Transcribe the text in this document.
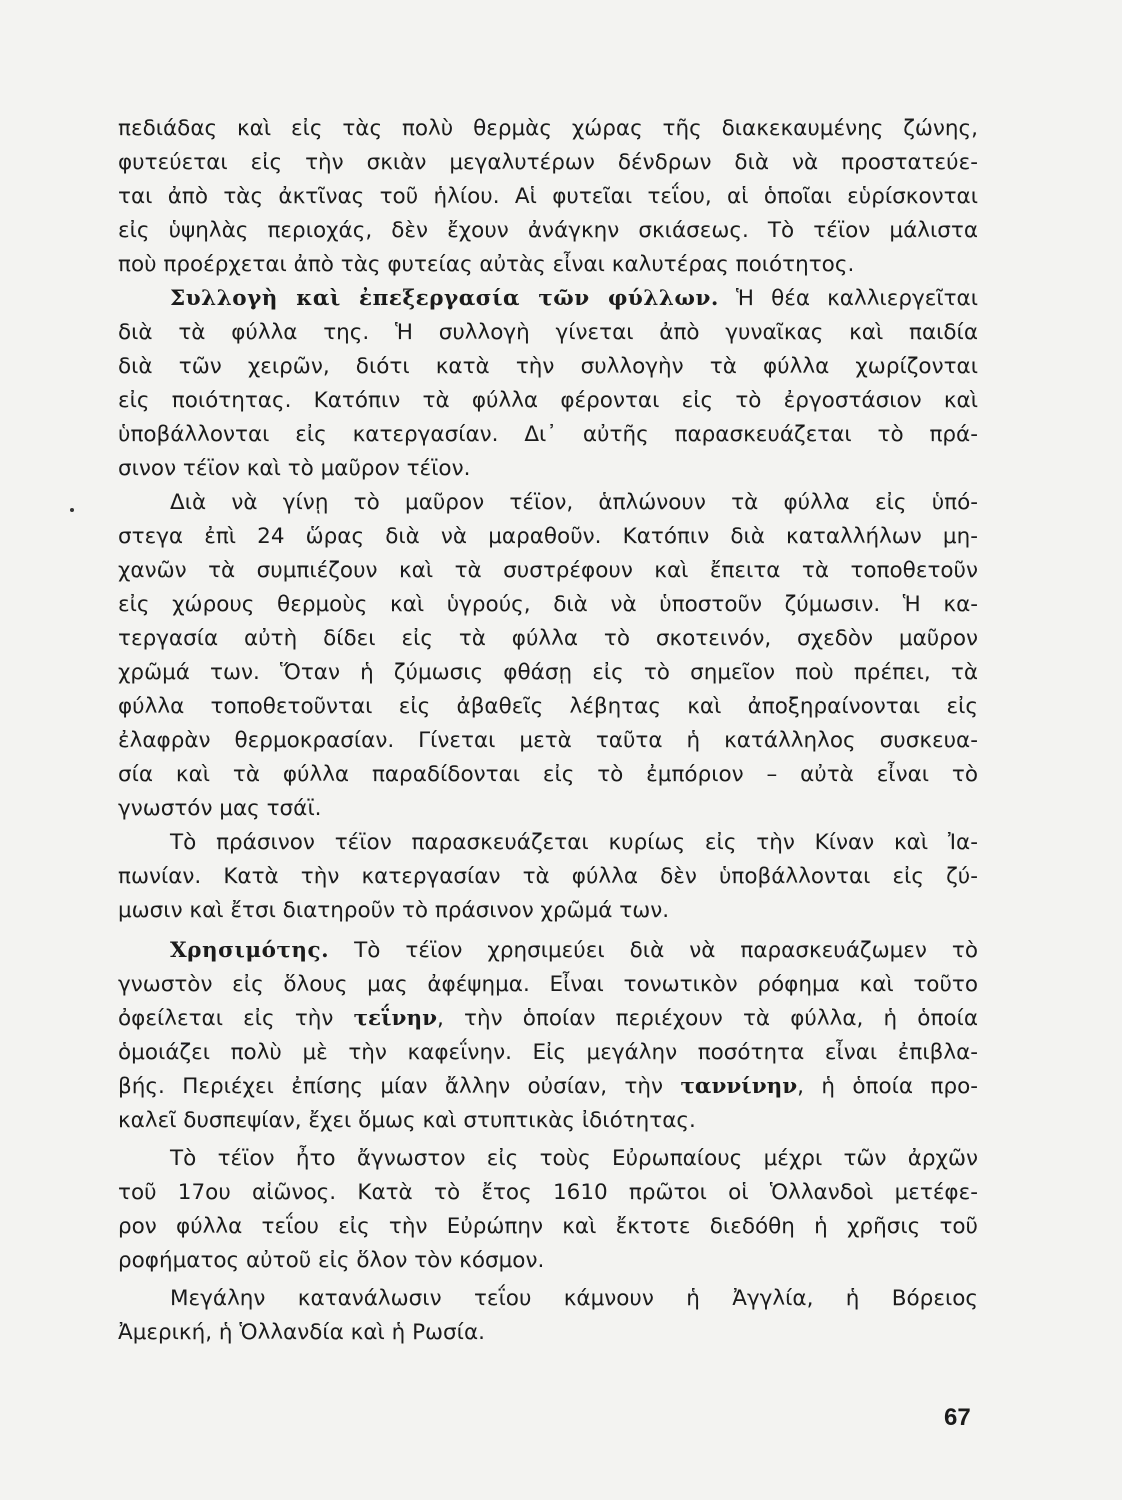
πεδιάδας καὶ εἰς τὰς πολὺ θερμὰς χώρας τῆς διακεκαυμένης ζώνης,
φυτεύεται εἰς τὴν σκιὰν μεγαλυτέρων δένδρων διὰ νὰ προστατεύε-
ται ἀπὸ τὰς ἀκτῖνας τοῦ ἡλίου. Αἱ φυτεῖαι τεΐου, αἱ ὁποῖαι εὑρίσκονται
εἰς ὑψηλὰς περιοχάς, δὲν ἔχουν ἀνάγκην σκιάσεως. Τὸ τέϊον μάλιστα
ποὺ προέρχεται ἀπὸ τὰς φυτείας αὐτὰς εἶναι καλυτέρας ποιότητος.
Συλλογὴ καὶ ἐπεξεργασία τῶν φύλλων. Ἡ θέα καλλιεργεῖται
διὰ τὰ φύλλα της. Ἡ συλλογὴ γίνεται ἀπὸ γυναῖκας καὶ παιδία
διὰ τῶν χειρῶν, διότι κατὰ τὴν συλλογὴν τὰ φύλλα χωρίζονται
εἰς ποιότητας. Κατόπιν τὰ φύλλα φέρονται εἰς τὸ ἐργοστάσιον καὶ
ὑποβάλλονται εἰς κατεργασίαν. Δι᾽ αὐτῆς παρασκευάζεται τὸ πρά-
σινον τέϊον καὶ τὸ μαῦρον τέϊον.
Διὰ νὰ γίνῃ τὸ μαῦρον τέϊον, ἁπλώνουν τὰ φύλλα εἰς ὑπό-
στεγα ἐπὶ 24 ὥρας διὰ νὰ μαραθοῦν. Κατόπιν διὰ καταλλήλων μη-
χανῶν τὰ συμπιέζουν καὶ τὰ συστρέφουν καὶ ἔπειτα τὰ τοποθετοῦν
εἰς χώρους θερμοὺς καὶ ὑγρούς, διὰ νὰ ὑποστοῦν ζύμωσιν. Ἡ κα-
τεργασία αὐτὴ δίδει εἰς τὰ φύλλα τὸ σκοτεινόν, σχεδὸν μαῦρον
χρῶμά των. Ὅταν ἡ ζύμωσις φθάσῃ εἰς τὸ σημεῖον ποὺ πρέπει, τὰ
φύλλα τοποθετοῦνται εἰς ἀβαθεῖς λέβητας καὶ ἀποξηραίνονται εἰς
ἐλαφρὰν θερμοκρασίαν. Γίνεται μετὰ ταῦτα ἡ κατάλληλος συσκευα-
σία καὶ τὰ φύλλα παραδίδονται εἰς τὸ ἐμπόριον – αὐτὰ εἶναι τὸ
γνωστόν μας τσάϊ.
Τὸ πράσινον τέϊον παρασκευάζεται κυρίως εἰς τὴν Κίναν καὶ Ἰα-
πωνίαν. Κατὰ τὴν κατεργασίαν τὰ φύλλα δὲν ὑποβάλλονται εἰς ζύ-
μωσιν καὶ ἔτσι διατηροῦν τὸ πράσινον χρῶμά των.
Χρησιμότης. Τὸ τέϊον χρησιμεύει διὰ νὰ παρασκευάζωμεν τὸ
γνωστὸν εἰς ὅλους μας ἀφέψημα. Εἶναι τονωτικὸν ρόφημα καὶ τοῦτο
ὀφείλεται εἰς τὴν τεΐνην, τὴν ὁποίαν περιέχουν τὰ φύλλα, ἡ ὁποία
ὁμοιάζει πολὺ μὲ τὴν καφεΐνην. Εἰς μεγάλην ποσότητα εἶναι ἐπιβλα-
βής. Περιέχει ἐπίσης μίαν ἄλλην οὐσίαν, τὴν ταννίνην, ἡ ὁποία προ-
καλεῖ δυσπεψίαν, ἔχει ὅμως καὶ στυπτικὰς ἰδιότητας.
Τὸ τέϊον ἦτο ἄγνωστον εἰς τοὺς Εὐρωπαίους μέχρι τῶν ἀρχῶν
τοῦ 17ου αἰῶνος. Κατὰ τὸ ἔτος 1610 πρῶτοι οἱ Ὁλλανδοὶ μετέφε-
ρον φύλλα τεΐου εἰς τὴν Εὐρώπην καὶ ἔκτοτε διεδόθη ἡ χρῆσις τοῦ
ροφήματος αὐτοῦ εἰς ὅλον τὸν κόσμον.
Μεγάλην κατανάλωσιν τεΐου κάμνουν ἡ Ἀγγλία, ἡ Βόρειος
Ἀμερική, ἡ Ὁλλανδία καὶ ἡ Ρωσία.
67
